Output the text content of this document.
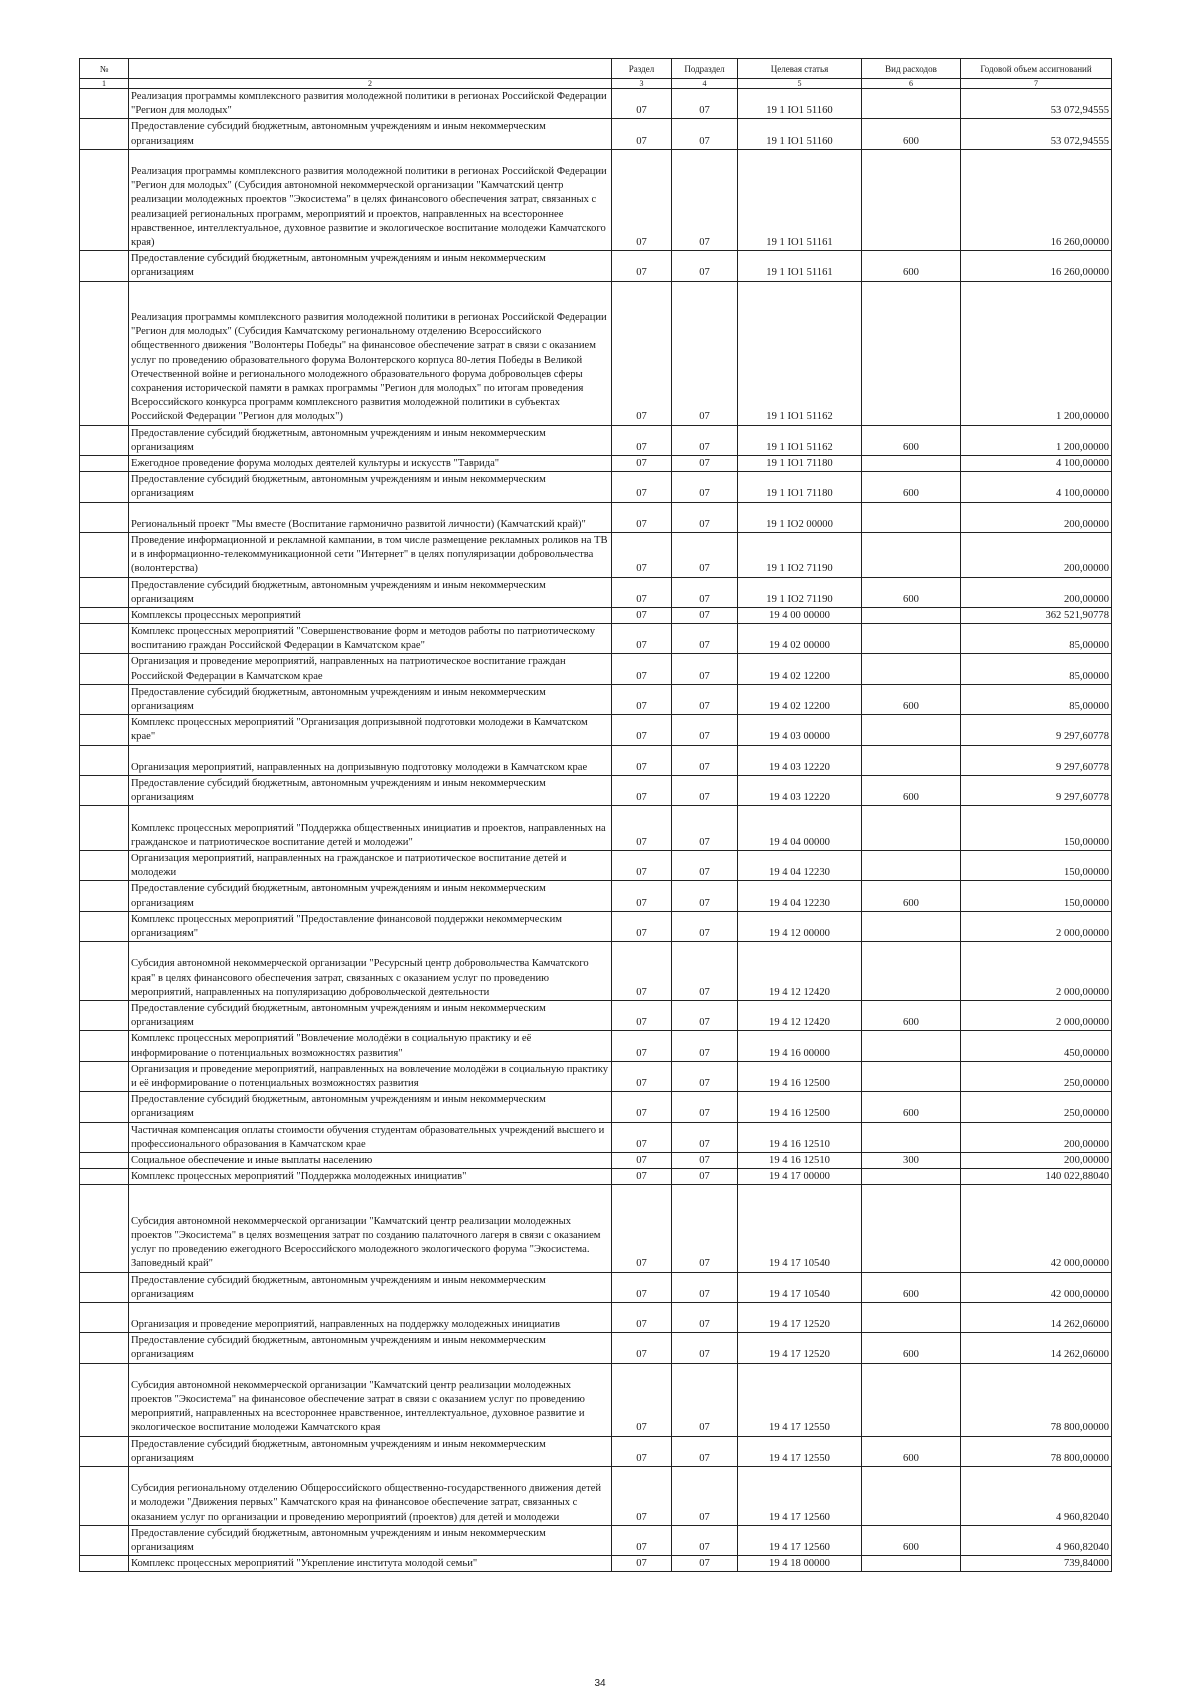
№		Раздел	Подраздел	Целевая статья	Вид расходов	Годовой объем ассигнований
1	2	3	4	5	6	7
	Реализация программы комплексного развития молодежной политики в регионах Российской Федерации "Регион для молодых"	07	07	19 1 IО1 51160		53 072,94555
	Предоставление субсидий бюджетным, автономным учреждениям и иным некоммерческим организациям	07	07	19 1 IО1 51160	600	53 072,94555
	Реализация программы комплексного развития молодежной политики в регионах Российской Федерации "Регион для молодых" (Субсидия автономной некоммерческой организации "Камчатский центр реализации молодежных проектов "Экосистема" в целях финансового обеспечения затрат, связанных с реализацией региональных программ, мероприятий и проектов, направленных на всестороннее нравственное, интеллектуальное, духовное развитие и экологическое воспитание молодежи Камчатского края)	07	07	19 1 IО1 51161		16 260,00000
	Предоставление субсидий бюджетным, автономным учреждениям и иным некоммерческим организациям	07	07	19 1 IО1 51161	600	16 260,00000
	Реализация программы комплексного развития молодежной политики в регионах Российской Федерации "Регион для молодых" (Субсидия Камчатскому региональному отделению Всероссийского общественного движения "Волонтеры Победы" на финансовое обеспечение затрат в связи с оказанием услуг по проведению образовательного форума Волонтерского корпуса 80-летия Победы в Великой Отечественной войне и регионального молодежного образовательного форума добровольцев сферы сохранения исторической памяти в рамках программы "Регион для молодых" по итогам проведения Всероссийского конкурса программ комплексного развития молодежной политики в субъектах Российской Федерации "Регион для молодых")	07	07	19 1 IО1 51162		1 200,00000
	Предоставление субсидий бюджетным, автономным учреждениям и иным некоммерческим организациям	07	07	19 1 IО1 51162	600	1 200,00000
	Ежегодное проведение форума молодых деятелей культуры и искусств "Таврида"	07	07	19 1 IО1 71180		4 100,00000
	Предоставление субсидий бюджетным, автономным учреждениям и иным некоммерческим организациям	07	07	19 1 IО1 71180	600	4 100,00000
	Региональный проект "Мы вместе (Воспитание гармонично развитой личности) (Камчатский край)"	07	07	19 1 IО2 00000		200,00000
	Проведение информационной и рекламной кампании, в том числе размещение рекламных роликов на ТВ и в информационно-телекоммуникационной сети "Интернет" в целях популяризации добровольчества (волонтерства)	07	07	19 1 IО2 71190		200,00000
	Предоставление субсидий бюджетным, автономным учреждениям и иным некоммерческим организациям	07	07	19 1 IО2 71190	600	200,00000
	Комплексы процессных мероприятий	07	07	19 4 00 00000		362 521,90778
	Комплекс процессных мероприятий "Совершенствование форм и методов работы по патриотическому воспитанию граждан Российской Федерации в Камчатском крае"	07	07	19 4 02 00000		85,00000
	Организация и проведение мероприятий, направленных на патриотическое воспитание граждан Российской Федерации в Камчатском крае	07	07	19 4 02 12200		85,00000
	Предоставление субсидий бюджетным, автономным учреждениям и иным некоммерческим организациям	07	07	19 4 02 12200	600	85,00000
	Комплекс процессных мероприятий "Организация допризывной подготовки молодежи в Камчатском крае"	07	07	19 4 03 00000		9 297,60778
	Организация мероприятий, направленных на допризывную подготовку молодежи в Камчатском крае	07	07	19 4 03 12220		9 297,60778
	Предоставление субсидий бюджетным, автономным учреждениям и иным некоммерческим организациям	07	07	19 4 03 12220	600	9 297,60778
	Комплекс процессных мероприятий "Поддержка общественных инициатив и проектов, направленных на гражданское и патриотическое воспитание детей и молодежи"	07	07	19 4 04 00000		150,00000
	Организация мероприятий, направленных на гражданское и патриотическое воспитание детей и молодежи	07	07	19 4 04 12230		150,00000
	Предоставление субсидий бюджетным, автономным учреждениям и иным некоммерческим организациям	07	07	19 4 04 12230	600	150,00000
	Комплекс процессных мероприятий "Предоставление финансовой поддержки некоммерческим организациям"	07	07	19 4 12 00000		2 000,00000
	Субсидия автономной некоммерческой организации "Ресурсный центр добровольчества Камчатского края" в целях финансового обеспечения затрат, связанных с оказанием услуг по проведению мероприятий, направленных на популяризацию добровольческой деятельности	07	07	19 4 12 12420		2 000,00000
	Предоставление субсидий бюджетным, автономным учреждениям и иным некоммерческим организациям	07	07	19 4 12 12420	600	2 000,00000
	Комплекс процессных мероприятий "Вовлечение молодёжи в социальную практику и её информирование о потенциальных возможностях развития"	07	07	19 4 16 00000		450,00000
	Организация и проведение мероприятий, направленных на вовлечение молодёжи в социальную практику и её информирование о потенциальных возможностях развития	07	07	19 4 16 12500		250,00000
	Предоставление субсидий бюджетным, автономным учреждениям и иным некоммерческим организациям	07	07	19 4 16 12500	600	250,00000
	Частичная компенсация оплаты стоимости обучения студентам образовательных учреждений высшего и профессионального образования в Камчатском крае	07	07	19 4 16 12510		200,00000
	Социальное обеспечение и иные выплаты населению	07	07	19 4 16 12510	300	200,00000
	Комплекс процессных мероприятий "Поддержка молодежных инициатив"	07	07	19 4 17 00000		140 022,88040
	Субсидия автономной некоммерческой организации "Камчатский центр реализации молодежных проектов "Экосистема" в целях возмещения затрат по созданию палаточного лагеря в связи с оказанием услуг по проведению ежегодного Всероссийского молодежного экологического форума "Экосистема. Заповедный край"	07	07	19 4 17 10540		42 000,00000
	Предоставление субсидий бюджетным, автономным учреждениям и иным некоммерческим организациям	07	07	19 4 17 10540	600	42 000,00000
	Организация и проведение мероприятий, направленных на поддержку молодежных инициатив	07	07	19 4 17 12520		14 262,06000
	Предоставление субсидий бюджетным, автономным учреждениям и иным некоммерческим организациям	07	07	19 4 17 12520	600	14 262,06000
	Субсидия автономной некоммерческой организации "Камчатский центр реализации молодежных проектов "Экосистема" на финансовое обеспечение затрат в связи с оказанием услуг по проведению мероприятий, направленных на всестороннее нравственное, интеллектуальное, духовное развитие и экологическое воспитание молодежи Камчатского края	07	07	19 4 17 12550		78 800,00000
	Предоставление субсидий бюджетным, автономным учреждениям и иным некоммерческим организациям	07	07	19 4 17 12550	600	78 800,00000
	Субсидия региональному отделению Общероссийского общественно-государственного движения детей и молодежи "Движения первых" Камчатского края на финансовое обеспечение затрат, связанных с оказанием услуг по организации и проведению мероприятий (проектов) для детей и молодежи	07	07	19 4 17 12560		4 960,82040
	Предоставление субсидий бюджетным, автономным учреждениям и иным некоммерческим организациям	07	07	19 4 17 12560	600	4 960,82040
	Комплекс процессных мероприятий "Укрепление института молодой семьи"	07	07	19 4 18 00000		739,84000
34
